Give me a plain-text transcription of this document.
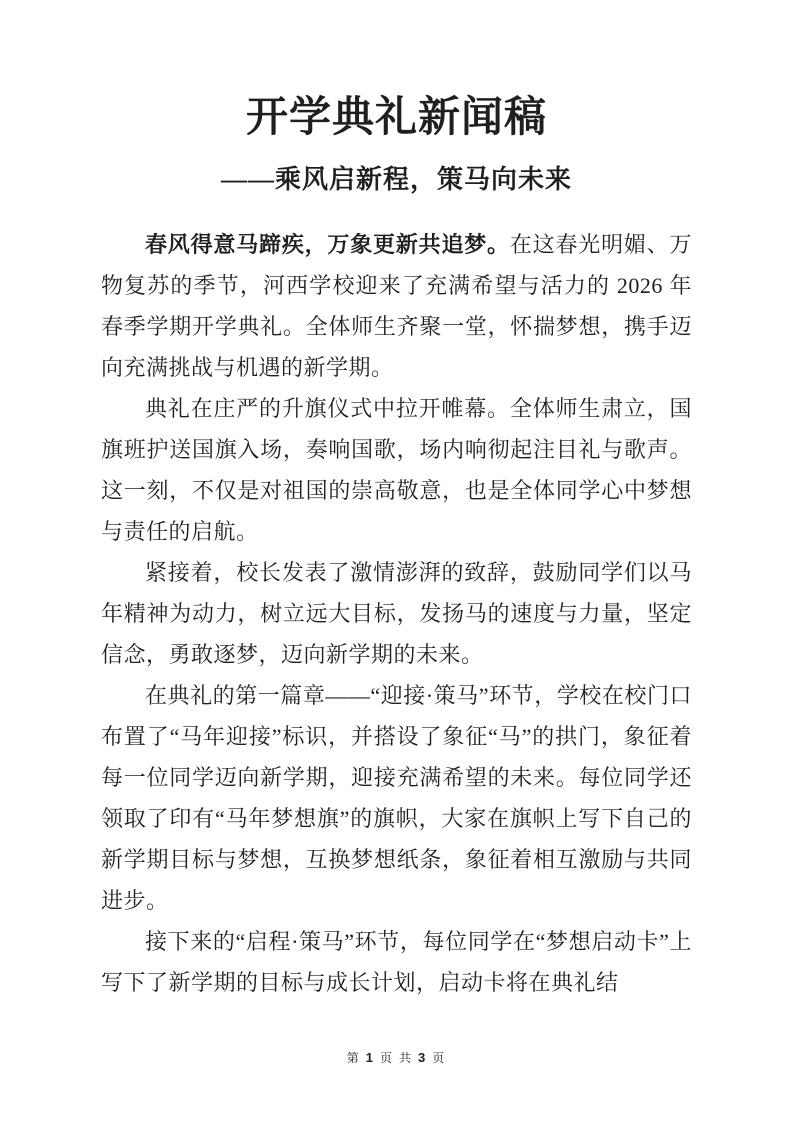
开学典礼新闻稿
——乘风启新程，策马向未来

春风得意马蹄疾，万象更新共追梦。在这春光明媚、万物复苏的季节，河西学校迎来了充满希望与活力的 2026 年春季学期开学典礼。全体师生齐聚一堂，怀揣梦想，携手迈向充满挑战与机遇的新学期。

典礼在庄严的升旗仪式中拉开帷幕。全体师生肃立，国旗班护送国旗入场，奏响国歌，场内响彻起注目礼与歌声。这一刻，不仅是对祖国的崇高敬意，也是全体同学心中梦想与责任的启航。

紧接着，校长发表了激情澎湃的致辞，鼓励同学们以马年精神为动力，树立远大目标，发扬马的速度与力量，坚定信念，勇敢逐梦，迈向新学期的未来。

在典礼的第一篇章——“迎接·策马”环节，学校在校门口布置了“马年迎接”标识，并搭设了象征“马”的拱门，象征着每一位同学迈向新学期，迎接充满希望的未来。每位同学还领取了印有“马年梦想旗”的旗帜，大家在旗帜上写下自己的新学期目标与梦想，互换梦想纸条，象征着相互激励与共同进步。

接下来的“启程·策马”环节，每位同学在“梦想启动卡”上写下了新学期的目标与成长计划，启动卡将在典礼结

第 1 页 共 3 页
